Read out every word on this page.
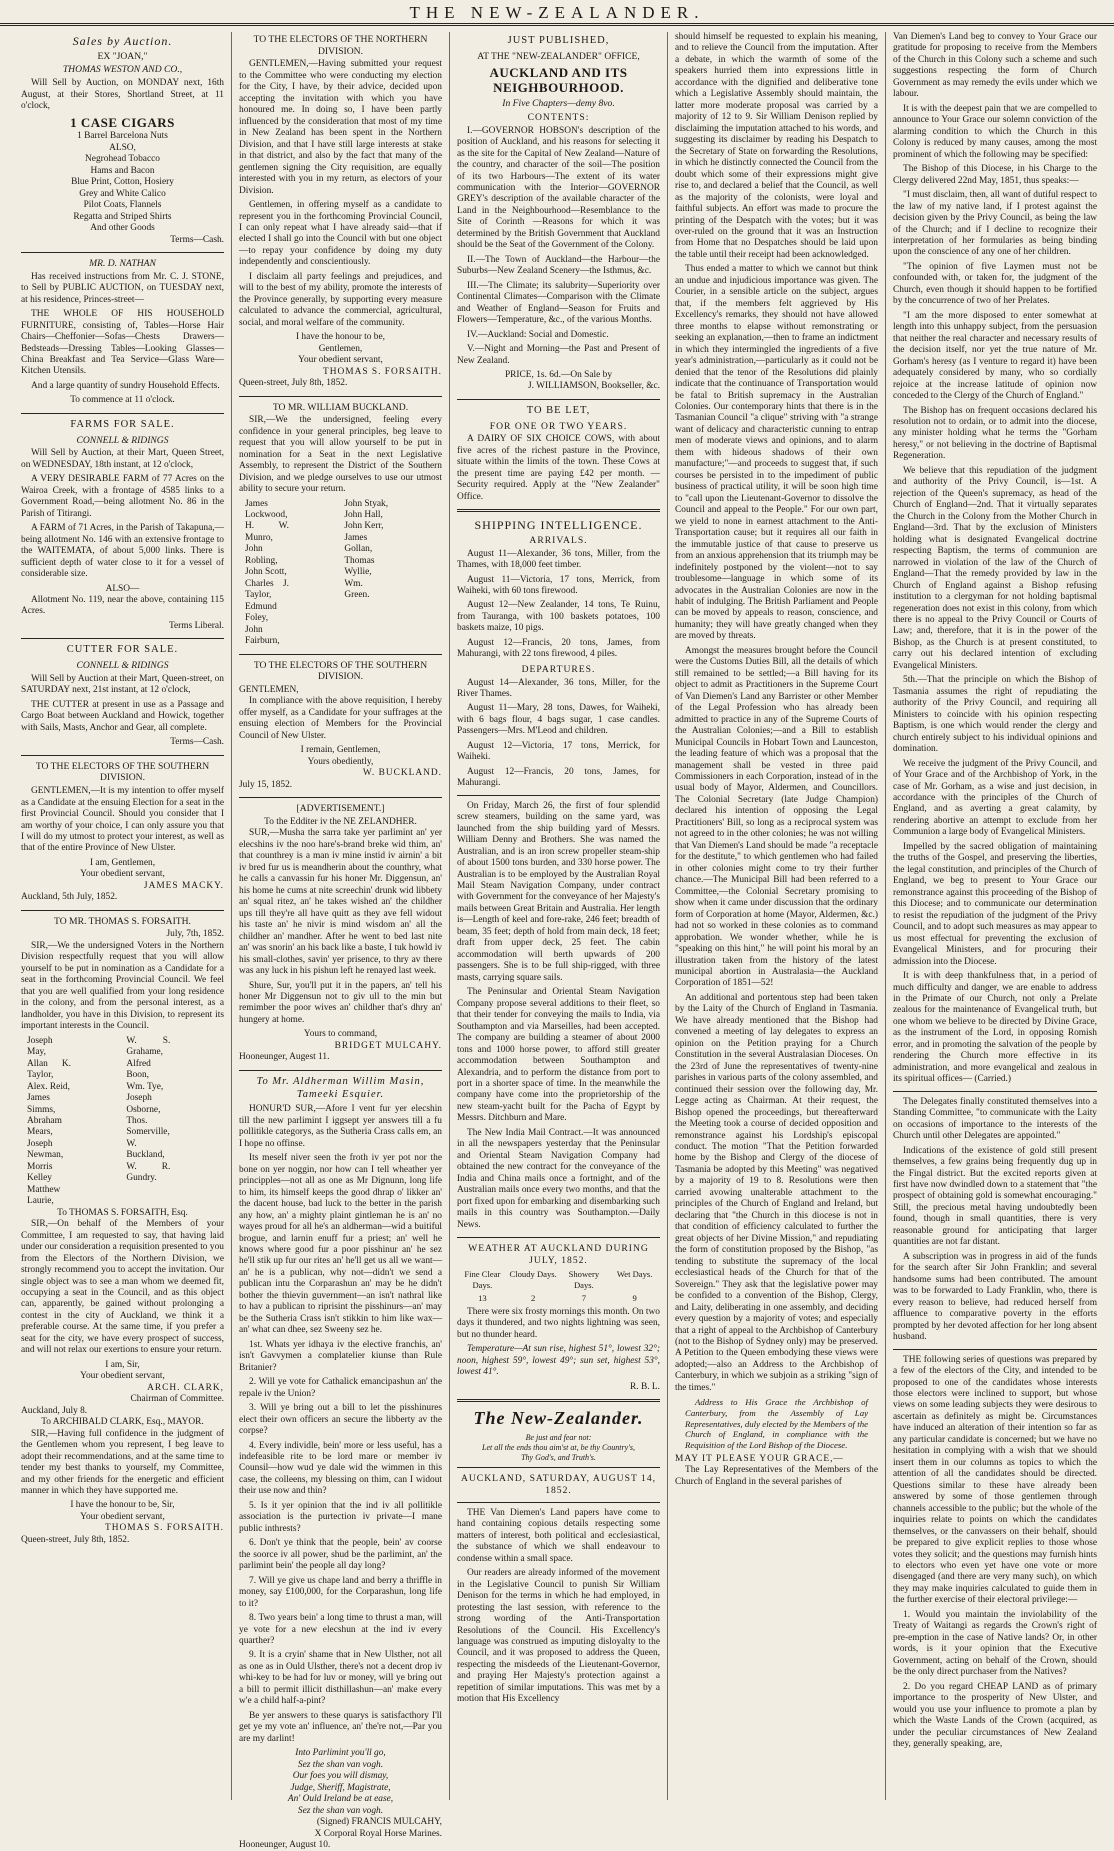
THE NEW-ZEALANDER.
Sales by Auction.
EX "JOAN,"
THOMAS WESTON AND CO.,

Will Sell by Auction, on MONDAY next, 16th August, at their Stores, Shortland Street, at 11 o'clock,

1 CASE CIGARS
1 Barrel Barcelona Nuts
ALSO,
Negrohead Tobacco
Hams and Bacon
Blue Print, Cotton, Hosiery
Grey and White Calico
Pilot Coats, Flannels
Regatta and Striped Shirts
And other Goods
Terms—Cash.
MR. D. NATHAN

Has received instructions from Mr. C. J. STONE, to Sell by PUBLIC AUCTION, on TUESDAY next, at his residence, Princes-street—

THE WHOLE OF HIS HOUSEHOLD FURNITURE, consisting of, Tables—Horse Hair Chairs—Cheffonier—Sofas—Chests Drawers—Bedsteads—Dressing Tables—Looking Glasses—China Breakfast and Tea Service—Glass Ware—Kitchen Utensils.

And a large quantity of sundry Household Effects.

To commence at 11 o'clock.
FARMS FOR SALE.
CONNELL & RIDINGS

Will Sell by Auction, at their Mart, Queen Street, on WEDNESDAY, 18th instant, at 12 o'clock,

A VERY DESIRABLE FARM of 77 Acres on the Wairoa Creek, with a frontage of 4585 links to a Government Road,—being allotment No. 86 in the Parish of Titirangi.

A FARM of 71 Acres, in the Parish of Takapuna,—being allotment No. 146 with an extensive frontage to the WAITEMATA, of about 5,000 links. There is sufficient depth of water close to it for a vessel of considerable size.

ALSO—

Allotment No. 119, near the above, containing 115 Acres.

Terms Liberal.
CUTTER FOR SALE.
CONNELL & RIDINGS

Will Sell by Auction at their Mart, Queen-street, on SATURDAY next, 21st instant, at 12 o'clock,

THE CUTTER at present in use as a Passage and Cargo Boat between Auckland and Howick, together with Sails, Masts, Anchor and Gear, all complete.

Terms—Cash.
TO THE ELECTORS OF THE SOUTHERN DIVISION.

GENTLEMEN,—It is my intention to offer myself as a Candidate at the ensuing Election for a seat in the first Provincial Council. Should you consider that I am worthy of your choice, I can only assure you that I will do my utmost to protect your interest, as well as that of the entire Province of New Ulster.

I am, Gentlemen,
Your obedient servant,
JAMES MACKY.
Auckland, 5th July, 1852.
TO MR. THOMAS S. FORSAITH.
July, 7th, 1852.

SIR,—We the undersigned Voters in the Northern Division respectfully request that you will allow yourself to be put in nomination as a Candidate for a seat in the forthcoming Provincial Council. We feel that you are well qualified from your long residence in the colony, and from the personal interest, as a landholder, you have in this Division, to represent its important interests in the Council.

Joseph May,
Allan K. Taylor,
Alex. Reid,
James Simms,
Abraham Mears,
Joseph Newman,
Morris Kelley
Matthew Laurie,
W. S. Grahame,
Alfred Boon,
Wm. Tye,
Joseph Osborne,
Thos. Somerville,
W. Buckland,
W. R. Gundry.
To THOMAS S. FORSAITH, Esq.

SIR,—On behalf of the Members of your Committee, I am requested to say, that having laid under our consideration a requisition presented to you from the Electors of the Northern Division, we strongly recommend you to accept the invitation. Our single object was to see a man whom we deemed fit, occupying a seat in the Council, and as this object can, apparently, be gained without prolonging a contest in the city of Auckland, we think it a preferable course. At the same time, if you prefer a seat for the city, we have every prospect of success, and will not relax our exertions to ensure your return.

I am, Sir,
Your obedient servant,
ARCH. CLARK,
Chairman of Committee.
Auckland, July 8.
To ARCHIBALD CLARK, Esq., MAYOR.

SIR,—Having full confidence in the judgment of the Gentlemen whom you represent, I beg leave to adopt their recommendations, and at the same time to tender my best thanks to yourself, my Committee, and my other friends for the energetic and efficient manner in which they have supported me.

I have the honour to be, Sir,
Your obedient servant,
THOMAS S. FORSAITH.
Queen-street, July 8th, 1852.
TO THE ELECTORS OF THE NORTHERN DIVISION.

GENTLEMEN,—Having submitted your request to the Committee who were conducting my election for the City, I have, by their advice, decided upon accepting the invitation with which you have honoured me. In doing so, I have been partly influenced by the consideration that most of my time in New Zealand has been spent in the Northern Division, and that I have still large interests at stake in that district, and also by the fact that many of the gentlemen signing the City requisition, are equally interested with you in my return, as electors of your Division.

Gentlemen, in offering myself as a candidate to represent you in the forthcoming Provincial Council, I can only repeat what I have already said—that if elected I shall go into the Council with but one object—to repay your confidence by doing my duty independently and conscientiously.

I disclaim all party feelings and prejudices, and will to the best of my ability, promote the interests of the Province generally, by supporting every measure calculated to advance the commercial, agricultural, social, and moral welfare of the community.

I have the honour to be,
Gentlemen,
Your obedient servant,
THOMAS S. FORSAITH.
Queen-street, July 8th, 1852.
TO MR. WILLIAM BUCKLAND.

SIR,—We the undersigned, feeling every confidence in your general principles, beg leave to request that you will allow yourself to be put in nomination for a Seat in the next Legislative Assembly, to represent the District of the Southern Division, and we pledge ourselves to use our utmost ability to secure your return.

James Lockwood,
H. W. Munro,
John Robling,
John Scott,
Charles J. Taylor,
Edmund Foley,
John Fairburn,
John Styak,
John Hall,
John Kerr,
James Gollan,
Thomas Wyllie,
Wm. Green.
TO THE ELECTORS OF THE SOUTHERN DIVISION.
GENTLEMEN,

In compliance with the above requisition, I hereby offer myself, as a Candidate for your suffrages at the ensuing election of Members for the Provincial Council of New Ulster.

I remain, Gentlemen,
Yours obediently,
W. BUCKLAND.
July 15, 1852.
[ADVERTISEMENT.]
To the Edditer iv the NE ZELANDHER.

SUR,—Musha the sarra take yer parlimint an' yer elecshins iv the noo hare's-brand breke wid thim, an' that counthrey is a man iv mine instid iv airnin' a bit iv bred fur us is meandherin about the counthry, what he calls a canvassin fur his honer Mr. Diggensun, an' his home he cums at nite screechin' drunk wid libbety an' squal ritez, an' he takes wished an' the childher ups till they're all have quitt as they ave fell widout his taste an' he nivir is mind wisdom an' all the childher an' mandher. After he went to bed last nite an' was snorin' an his back like a baste, I tuk howld iv his small-clothes, savin' yer prisence, to thry av there was any luck in his pishun left he renayed last week.

Shure, Sur, you'll put it in the papers, an' tell his honer Mr Diggensun not to giv ull to the min but remimber the poor wives an' childher that's dhry an' hungery at home.

Yours to command,
BRIDGET MULCAHY.
Hooneunger, Augest 11.
To Mr. Aldherman Willim Masin, Tameeki Esquier.

HONUR'D SUR,—Afore I vent fur yer elecshin till the new parlimint I iggsept yer answers till a fu pollitikle categorys, as the Sutheria Crass calls em, an I hope no offinse.

Its meself niver seen the froth iv yer pot nor the bone on yer noggin, nor how can I tell wheather yer principples—not all as one as Mr Dignunn, long life to him, its himself keeps the good dhrap o' likker an' the dacent house, bad luck to the better in the parish any how, an' a mighty plaint gintleman he is an' no wayes proud for all he's an aldherman—wid a buitiful brogue, and larnin enuff fur a priest; an' well he knows where good fur a poor pisshinur an' he sez he'll stik up fur our rites an' he'll get us all we want—an' he is a publican, why not—didn't we send a publican intu the Corparashun an' may be he didn't bother the thievin guvernment—an isn't nathral like to hav a publican to riprisint the pisshinurs—an' may be the Sutheria Crass isn't stikkin to him like wax—an' what can dhee, sez Sweeny sez he.

1st. Whats yer idhaya iv the elective franchis, an' isn't Gavvymen a complatelier kiunse than Rule Britanier?

2. Will ye vote for Cathalick emancipashun an' the repale iv the Union?

3. Will ye bring out a bill to let the pisshinures elect their own officers an secure the libberty av the corpse?

4. Every individle, bein' more or less useful, has a indefeasible rite to be lord mare or member iv Counsil—how wud ye dale wid the wimmen in this case, the colleens, my blessing on thim, can I widout their use now and thin?

5. Is it yer opinion that the ind iv all pollitikle association is the purtection iv private—I mane public inthrests?

6. Don't ye think that the people, bein' av coorse the soorce iv all power, shud be the parlimint, an' the parlimint bein' the people all day long?

7. Will ye give us chape land and berry a thriffle in money, say £100,000, for the Corparashun, long life to it?

8. Two years bein' a long time to thrust a man, will ye vote for a new elecshun at the ind iv every quarther?

9. It is a cryin' shame that in New Ulsther, not all as one as in Ould Ulsther, there's not a decent drop iv whi-key to be had for luv or money, will ye bring out a bill to permit illicit disthillashun—an' make every w'e a child half-a-pint?

Be yer answers to these quarys is satisfacthory I'll get ye my vote an' influence, an' the're not,—Par you are my darlint!

Into Parlimint you'll go,
Sez the shan van vogh.
Our foes you will dismay,
Judge, Sheriff, Magistrate,
An' Ould Ireland be at ease,
Sez the shan van vogh.
(Signed) FRANCIS MULCAHY,
X Corporal Royal Horse Marines.
Hooneunger, August 10.
JUST PUBLISHED,
AT THE "NEW-ZEALANDER" OFFICE,
AUCKLAND AND ITS NEIGHBOURHOOD.
In Five Chapters—demy 8vo.
CONTENTS:

I.—GOVERNOR HOBSON's description of the position of Auckland, and his reasons for selecting it as the site for the Capital of New Zealand—Nature of the country, and character of the soil—The position of its two Harbours—The extent of its water communication with the Interior—GOVERNOR GREY's description of the available character of the Land in the Neighbourhood—Resemblance to the Site of Corinth —Reasons for which it was determined by the British Government that Auckland should be the Seat of the Government of the Colony.

II.—The Town of Auckland—the Harbour—the Suburbs—New Zealand Scenery—the Isthmus, &c.

III.—The Climate; its salubrity—Superiority over Continental Climates—Comparison with the Climate and Weather of England—Season for Fruits and Flowers—Temperature, &c., of the various Months.

IV.—Auckland: Social and Domestic.

V.—Night and Morning—the Past and Present of New Zealand.

PRICE, 1s. 6d.—On Sale by
J. WILLIAMSON, Bookseller, &c.
TO BE LET,
FOR ONE OR TWO YEARS.

A DAIRY OF SIX CHOICE COWS, with about five acres of the richest pasture in the Province, situate within the limits of the town. These Cows at the present time are paying £42 per month. —Security required. Apply at the "New Zealander" Office.

SHIPPING INTELLIGENCE.
ARRIVALS.

August 11—Alexander, 36 tons, Miller, from the Thames, with 18,000 feet timber.

August 11—Victoria, 17 tons, Merrick, from Waiheki, with 60 tons firewood.

August 12—New Zealander, 14 tons, Te Ruinu, from Tauranga, with 100 baskets potatoes, 100 baskets maize, 10 pigs.

August 12—Francis, 20 tons, James, from Mahurangi, with 22 tons firewood, 4 piles.

DEPARTURES.

August 14—Alexander, 36 tons, Miller, for the River Thames.

August 11—Mary, 28 tons, Dawes, for Waiheki, with 6 bags flour, 4 bags sugar, 1 case candles. Passengers—Mrs. M'Leod and children.

August 12—Victoria, 17 tons, Merrick, for Waiheki.

August 12—Francis, 20 tons, James, for Mahurangi.

On Friday, March 26, the first of four splendid screw steamers, building on the same yard, was launched from the ship building yard of Messrs. William Denny and Brothers. She was named the Australian, and is an iron screw propeller steam-ship of about 1500 tons burden, and 330 horse power. The Australian is to be employed by the Australian Royal Mail Steam Navigation Company, under contract with Government for the conveyance of her Majesty's mails between Great Britain and Australia. Her length is—Length of keel and fore-rake, 246 feet; breadth of beam, 35 feet; depth of hold from main deck, 18 feet; draft from upper deck, 25 feet. The cabin accommodation will berth upwards of 200 passengers. She is to be full ship-rigged, with three masts, carrying square sails.

The Peninsular and Oriental Steam Navigation Company propose several additions to their fleet, so that their tender for conveying the mails to India, via Southampton and via Marseilles, had been accepted. The company are building a steamer of about 2000 tons and 1000 horse power, to afford still greater accommodation between Southampton and Alexandria, and to perform the distance from port to port in a shorter space of time. In the meanwhile the company have come into the proprietorship of the new steam-yacht built for the Pacha of Egypt by Messrs. Ditchburn and Mare.

The New India Mail Contract.—It was announced in all the newspapers yesterday that the Peninsular and Oriental Steam Navigation Company had obtained the new contract for the conveyance of the India and China mails once a fortnight, and of the Australian mails once every two months, and that the port fixed upon for embarking and disembarking such mails in this country was Southampton.—Daily News.

WEATHER AT AUCKLAND DURING JULY, 1852.
Fine Clear Days.
Cloudy Days.	Showery Days.
Wet Days.
13	2	7	9

There were six frosty mornings this month. On two days it thundered, and two nights lightning was seen, but no thunder heard.

Temperature—At sun rise, highest 51°, lowest 32°; noon, highest 59°, lowest 49°; sun set, highest 53°, lowest 41°.

R. B. L.
The New-Zealander.
Be just and fear not:
Let all the ends thou aim'st at, be thy Country's,
Thy God's, and Truth's.
AUCKLAND, SATURDAY, AUGUST 14, 1852.

THE Van Diemen's Land papers have come to hand containing copious details respecting some matters of interest, both political and ecclesiastical, the substance of which we shall endeavour to condense within a small space.

Our readers are already informed of the movement in the Legislative Council to punish Sir William Denison for the terms in which he had employed, in protesting the last session, with reference to the strong wording of the Anti-Transportation Resolutions of the Council. His Excellency's language was construed as imputing disloyalty to the Council, and it was proposed to address the Queen, respecting the misdeeds of the Lieutenant-Governor, and praying Her Majesty's protection against a repetition of similar imputations. This was met by a motion that His Excellency

should himself be requested to explain his meaning, and to relieve the Council from the imputation. After a debate, in which the warmth of some of the speakers hurried them into expressions little in accordance with the dignified and deliberative tone which a Legislative Assembly should maintain, the latter more moderate proposal was carried by a majority of 12 to 9. Sir William Denison replied by disclaiming the imputation attached to his words, and suggesting its disclaimer by reading his Despatch to the Secretary of State on forwarding the Resolutions, in which he distinctly connected the Council from the doubt which some of their expressions might give rise to, and declared a belief that the Council, as well as the majority of the colonists, were loyal and faithful subjects. An effort was made to procure the printing of the Despatch with the votes; but it was over-ruled on the ground that it was an Instruction from Home that no Despatches should be laid upon the table until their receipt had been acknowledged.

Thus ended a matter to which we cannot but think an undue and injudicious importance was given. The Courier, in a sensible article on the subject, argues that, if the members felt aggrieved by His Excellency's remarks, they should not have allowed three months to elapse without remonstrating or seeking an explanation,—then to frame an indictment in which they intermingled the ingredients of a five year's administration,—particularly as it could not be denied that the tenor of the Resolutions did plainly indicate that the continuance of Transportation would be fatal to British supremacy in the Australian Colonies. Our contemporary hints that there is in the Tasmanian Council "a clique" striving with "a strange want of delicacy and characteristic cunning to entrap men of moderate views and opinions, and to alarm them with hideous shadows of their own manufacture;"—and proceeds to suggest that, if such courses be persisted in to the impediment of public business of practical utility, it will be soon high time to "call upon the Lieutenant-Governor to dissolve the Council and appeal to the People." For our own part, we yield to none in earnest attachment to the Anti-Transportation cause; but it requires all our faith in the immutable justice of that cause to preserve us from an anxious apprehension that its triumph may be indefinitely postponed by the violent—not to say troublesome—language in which some of its advocates in the Australian Colonies are now in the habit of indulging. The British Parliament and People can be moved by appeals to reason, conscience, and humanity; they will have greatly changed when they are moved by threats.

Amongst the measures brought before the Council were the Customs Duties Bill, all the details of which still remained to be settled;—a Bill having for its object to admit as Practitioners in the Supreme Court of Van Diemen's Land any Barrister or other Member of the Legal Profession who has already been admitted to practice in any of the Supreme Courts of the Australian Colonies;—and a Bill to establish Municipal Councils in Hobart Town and Launceston, the leading feature of which was a proposal that the management shall be vested in three paid Commissioners in each Corporation, instead of in the usual body of Mayor, Aldermen, and Councillors. The Colonial Secretary (late Judge Champion) declared his intention of opposing the Legal Practitioners' Bill, so long as a reciprocal system was not agreed to in the other colonies; he was not willing that Van Diemen's Land should be made "a receptacle for the destitute," to which gentlemen who had failed in other colonies might come to try their further chance.—The Municipal Bill had been referred to a Committee,—the Colonial Secretary promising to show when it came under discussion that the ordinary form of Corporation at home (Mayor, Aldermen, &c.) had not so worked in these colonies as to command approbation. We wonder whether, while he is "speaking on this hint," he will point his moral by an illustration taken from the history of the latest municipal abortion in Australasia—the Auckland Corporation of 1851—52!

An additional and portentous step had been taken by the Laity of the Church of England in Tasmania. We have already mentioned that the Bishop had convened a meeting of lay delegates to express an opinion on the Petition praying for a Church Constitution in the several Australasian Dioceses. On the 23rd of June the representatives of twenty-nine parishes in various parts of the colony assembled, and continued their session over the following day, Mr. Legge acting as Chairman. At their request, the Bishop opened the proceedings, but thereafterward the Meeting took a course of decided opposition and remonstrance against his Lordship's episcopal conduct. The motion "That the Petition forwarded home by the Bishop and Clergy of the diocese of Tasmania be adopted by this Meeting" was negatived by a majority of 19 to 8. Resolutions were then carried avowing unalterable attachment to the principles of the Church of England and Ireland, but declaring that "the Church in this diocese is not in that condition of efficiency calculated to further the great objects of her Divine Mission," and repudiating the form of constitution proposed by the Bishop, "as tending to substitute the supremacy of the local ecclesiastical heads of the Church for that of the Sovereign." They ask that the legislative power may be confided to a convention of the Bishop, Clergy, and Laity, deliberating in one assembly, and deciding every question by a majority of votes; and especially that a right of appeal to the Archbishop of Canterbury (not to the Bishop of Sydney only) may be preserved. A Petition to the Queen embodying these views were adopted;—also an Address to the Archbishop of Canterbury, in which we subjoin as a striking "sign of the times."

Address to His Grace the Archbishop of Canterbury, from the Assembly of Lay Representatives, duly elected by the Members of the Church of England, in compliance with the Requisition of the Lord Bishop of the Diocese.

MAY IT PLEASE YOUR GRACE,—

The Lay Representatives of the Members of the Church of England in the several parishes of

Van Diemen's Land beg to convey to Your Grace our gratitude for proposing to receive from the Members of the Church in this Colony such a scheme and such suggestions respecting the form of Church Government as may remedy the evils under which we labour.

It is with the deepest pain that we are compelled to announce to Your Grace our solemn conviction of the alarming condition to which the Church in this Colony is reduced by many causes, among the most prominent of which the following may be specified:

The Bishop of this Diocese, in his Charge to the Clergy delivered 22nd May, 1851, thus speaks:—

"I must disclaim, then, all want of dutiful respect to the law of my native land, if I protest against the decision given by the Privy Council, as being the law of the Church; and if I decline to recognize their interpretation of her formularies as being binding upon the conscience of any one of her children.

"The opinion of five Laymen must not be confounded with, or taken for, the judgment of the Church, even though it should happen to be fortified by the concurrence of two of her Prelates.

"I am the more disposed to enter somewhat at length into this unhappy subject, from the persuasion that neither the real character and necessary results of the decision itself, nor yet the true nature of Mr. Gorham's heresy (as I venture to regard it) have been adequately considered by many, who so cordially rejoice at the increase latitude of opinion now conceded to the Clergy of the Church of England."

The Bishop has on frequent occasions declared his resolution not to ordain, or to admit into the diocese, any minister holding what he terms the "Gorham heresy," or not believing in the doctrine of Baptismal Regeneration.

We believe that this repudiation of the judgment and authority of the Privy Council, is—1st. A rejection of the Queen's supremacy, as head of the Church of England—2nd. That it virtually separates the Church in the Colony from the Mother Church in England—3rd. That by the exclusion of Ministers holding what is designated Evangelical doctrine respecting Baptism, the terms of communion are narrowed in violation of the law of the Church of England—That the remedy provided by law in the Church of England against a Bishop refusing institution to a clergyman for not holding baptismal regeneration does not exist in this colony, from which there is no appeal to the Privy Council or Courts of Law; and, therefore, that it is in the power of the Bishop, as the Church is at present constituted, to carry out his declared intention of excluding Evangelical Ministers.

5th.—That the principle on which the Bishop of Tasmania assumes the right of repudiating the authority of the Privy Council, and requiring all Ministers to coincide with his opinion respecting Baptism, is one which would render the clergy and church entirely subject to his individual opinions and domination.

We receive the judgment of the Privy Council, and of Your Grace and of the Archbishop of York, in the case of Mr. Gorham, as a wise and just decision, in accordance with the principles of the Church of England, and as averting a great calamity, by rendering abortive an attempt to exclude from her Communion a large body of Evangelical Ministers.

Impelled by the sacred obligation of maintaining the truths of the Gospel, and preserving the liberties, the legal constitution, and principles of the Church of England, we beg to present to Your Grace our remonstrance against this proceeding of the Bishop of this Diocese; and to communicate our determination to resist the repudiation of the judgment of the Privy Council, and to adopt such measures as may appear to us most effectual for preventing the exclusion of Evangelical Ministers, and for procuring their admission into the Diocese.

It is with deep thankfulness that, in a period of much difficulty and danger, we are enable to address in the Primate of our Church, not only a Prelate zealous for the maintenance of Evangelical truth, but one whom we believe to be directed by Divine Grace, as the instrument of the Lord, in opposing Romish error, and in promoting the salvation of the people by rendering the Church more effective in its administration, and more evangelical and zealous in its spiritual offices— (Carried.)

The Delegates finally constituted themselves into a Standing Committee, "to communicate with the Laity on occasions of importance to the interests of the Church until other Delegates are appointed."

Indications of the existence of gold still present themselves, a few grains being frequently dug up in the Fingal district. But the excited reports given at first have now dwindled down to a statement that "the prospect of obtaining gold is somewhat encouraging." Still, the precious metal having undoubtedly been found, though in small quantities, there is very reasonable ground for anticipating that larger quantities are not far distant.

A subscription was in progress in aid of the funds for the search after Sir John Franklin; and several handsome sums had been contributed. The amount was to be forwarded to Lady Franklin, who, there is every reason to believe, had reduced herself from affluence to comparative poverty in the efforts prompted by her devoted affection for her long absent husband.

THE following series of questions was prepared by a few of the electors of the City, and intended to be proposed to one of the candidates whose interests those electors were inclined to support, but whose views on some leading subjects they were desirous to ascertain as definitely as might be. Circumstances have induced an alteration of their intention so far as any particular candidate is concerned; but we have no hesitation in complying with a wish that we should insert them in our columns as topics to which the attention of all the candidates should be directed. Questions similar to these have already been answered by some of those gentlemen through channels accessible to the public; but the whole of the inquiries relate to points on which the candidates themselves, or the canvassers on their behalf, should be prepared to give explicit replies to those whose votes they solicit; and the questions may furnish hints to electors who even yet have one vote or more disengaged (and there are very many such), on which they may make inquiries calculated to guide them in the further exercise of their electoral privilege:—

1. Would you maintain the inviolability of the Treaty of Waitangi as regards the Crown's right of pre-emption in the case of Native lands? Or, in other words, is it your opinion that the Executive Government, acting on behalf of the Crown, should be the only direct purchaser from the Natives?

2. Do you regard CHEAP LAND as of primary importance to the prosperity of New Ulster, and would you use your influence to promote a plan by which the Waste Lands of the Crown (acquired, as under the peculiar circumstances of New Zealand they, generally speaking, are,
